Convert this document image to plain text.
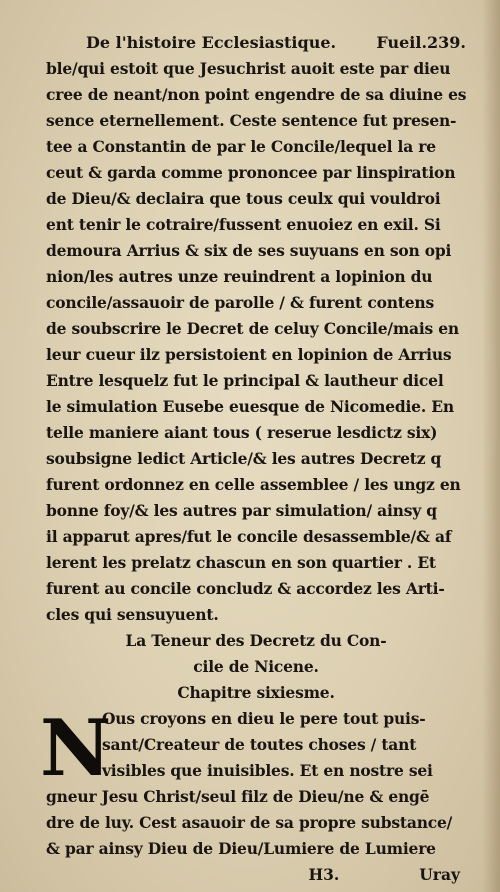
De l'histoire Ecclesiastique.	Fueil.239.
ble/qui estoit que Jesuchrist auoit este par dieu
cree de neant/non point engendre de sa diuine es
sence eternellement. Ceste sentence fut presen-
tee a Constantin de par le Concile/lequel la re
ceut & garda comme prononcee par linspiration
de Dieu/& declaira que tous ceulx qui vouldroi
ent tenir le cotraire/fussent enuoiez en exil. Si
demoura Arrius & six de ses suyuans en son opi
nion/les autres unze reuindrent a lopinion du
concile/assauoir de parolle / & furent contens
de soubscrire le Decret de celuy Concile/mais en
leur cueur ilz persistoient en lopinion de Arrius
Entre lesquelz fut le principal & lautheur dicel
le simulation Eusebe euesque de Nicomedie. En
telle maniere aiant tous ( reserue lesdictz six)
soubsigne ledict Article/& les autres Decretz q
furent ordonnez en celle assemblee / les ungz en
bonne foy/& les autres par simulation/ ainsy q
il apparut apres/fut le concile desassemble/& af
lerent les prelatz chascun en son quartier . Et
furent au concile concludz & accordez les Arti-
cles qui sensuyuent.
La Teneur des Decretz du Con-
cile de Nicene.
Chapitre sixiesme.
N
Ous croyons en dieu le pere tout puis-
sant/Createur de toutes choses / tant
visibles que inuisibles. Et en nostre sei
gneur Jesu Christ/seul filz de Dieu/ne & engē
dre de luy. Cest asauoir de sa propre substance/
& par ainsy Dieu de Dieu/Lumiere de Lumiere
H3.	Uray
